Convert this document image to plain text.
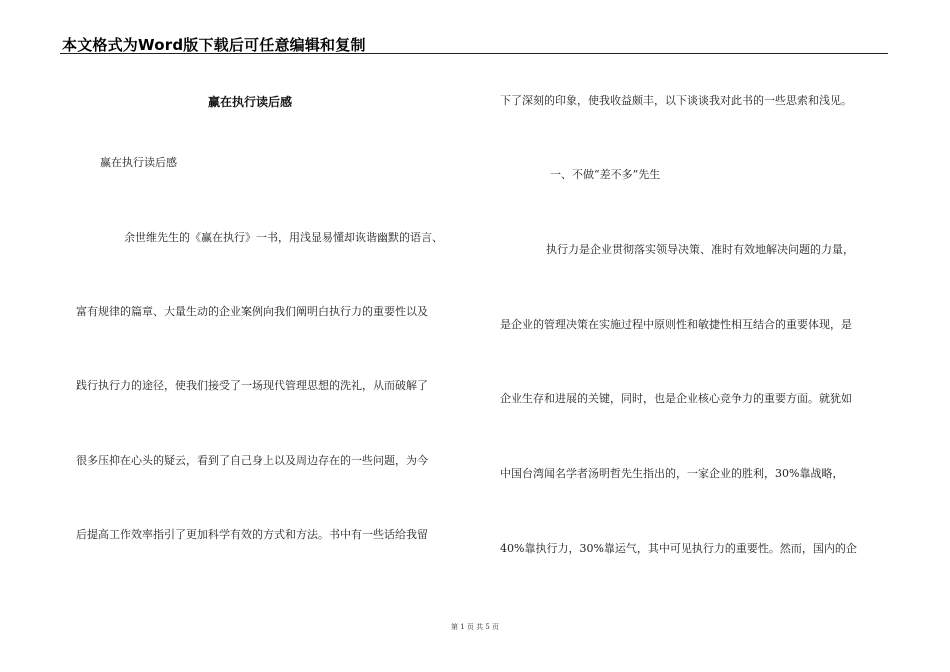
本文格式为Word版下载后可任意编辑和复制
赢在执行读后感
赢在执行读后感
余世维先生的《赢在执行》一书，用浅显易懂却诙谐幽默的语言、
富有规律的篇章、大量生动的企业案例向我们阐明白执行力的重要性以及
践行执行力的途径，使我们接受了一场现代管理思想的洗礼，从而破解了
很多压抑在心头的疑云，看到了自己身上以及周边存在的一些问题，为今
后提高工作效率指引了更加科学有效的方式和方法。书中有一些话给我留
下了深刻的印象，使我收益颇丰，以下谈谈我对此书的一些思索和浅见。
一、不做“差不多”先生
执行力是企业贯彻落实领导决策、准时有效地解决问题的力量，
是企业的管理决策在实施过程中原则性和敏捷性相互结合的重要体现，是
企业生存和进展的关键，同时，也是企业核心竞争力的重要方面。就犹如
中国台湾闻名学者汤明哲先生指出的，一家企业的胜利，30%靠战略，
40%靠执行力，30%靠运气，其中可见执行力的重要性。然而，国内的企
第 1 页 共 5 页
